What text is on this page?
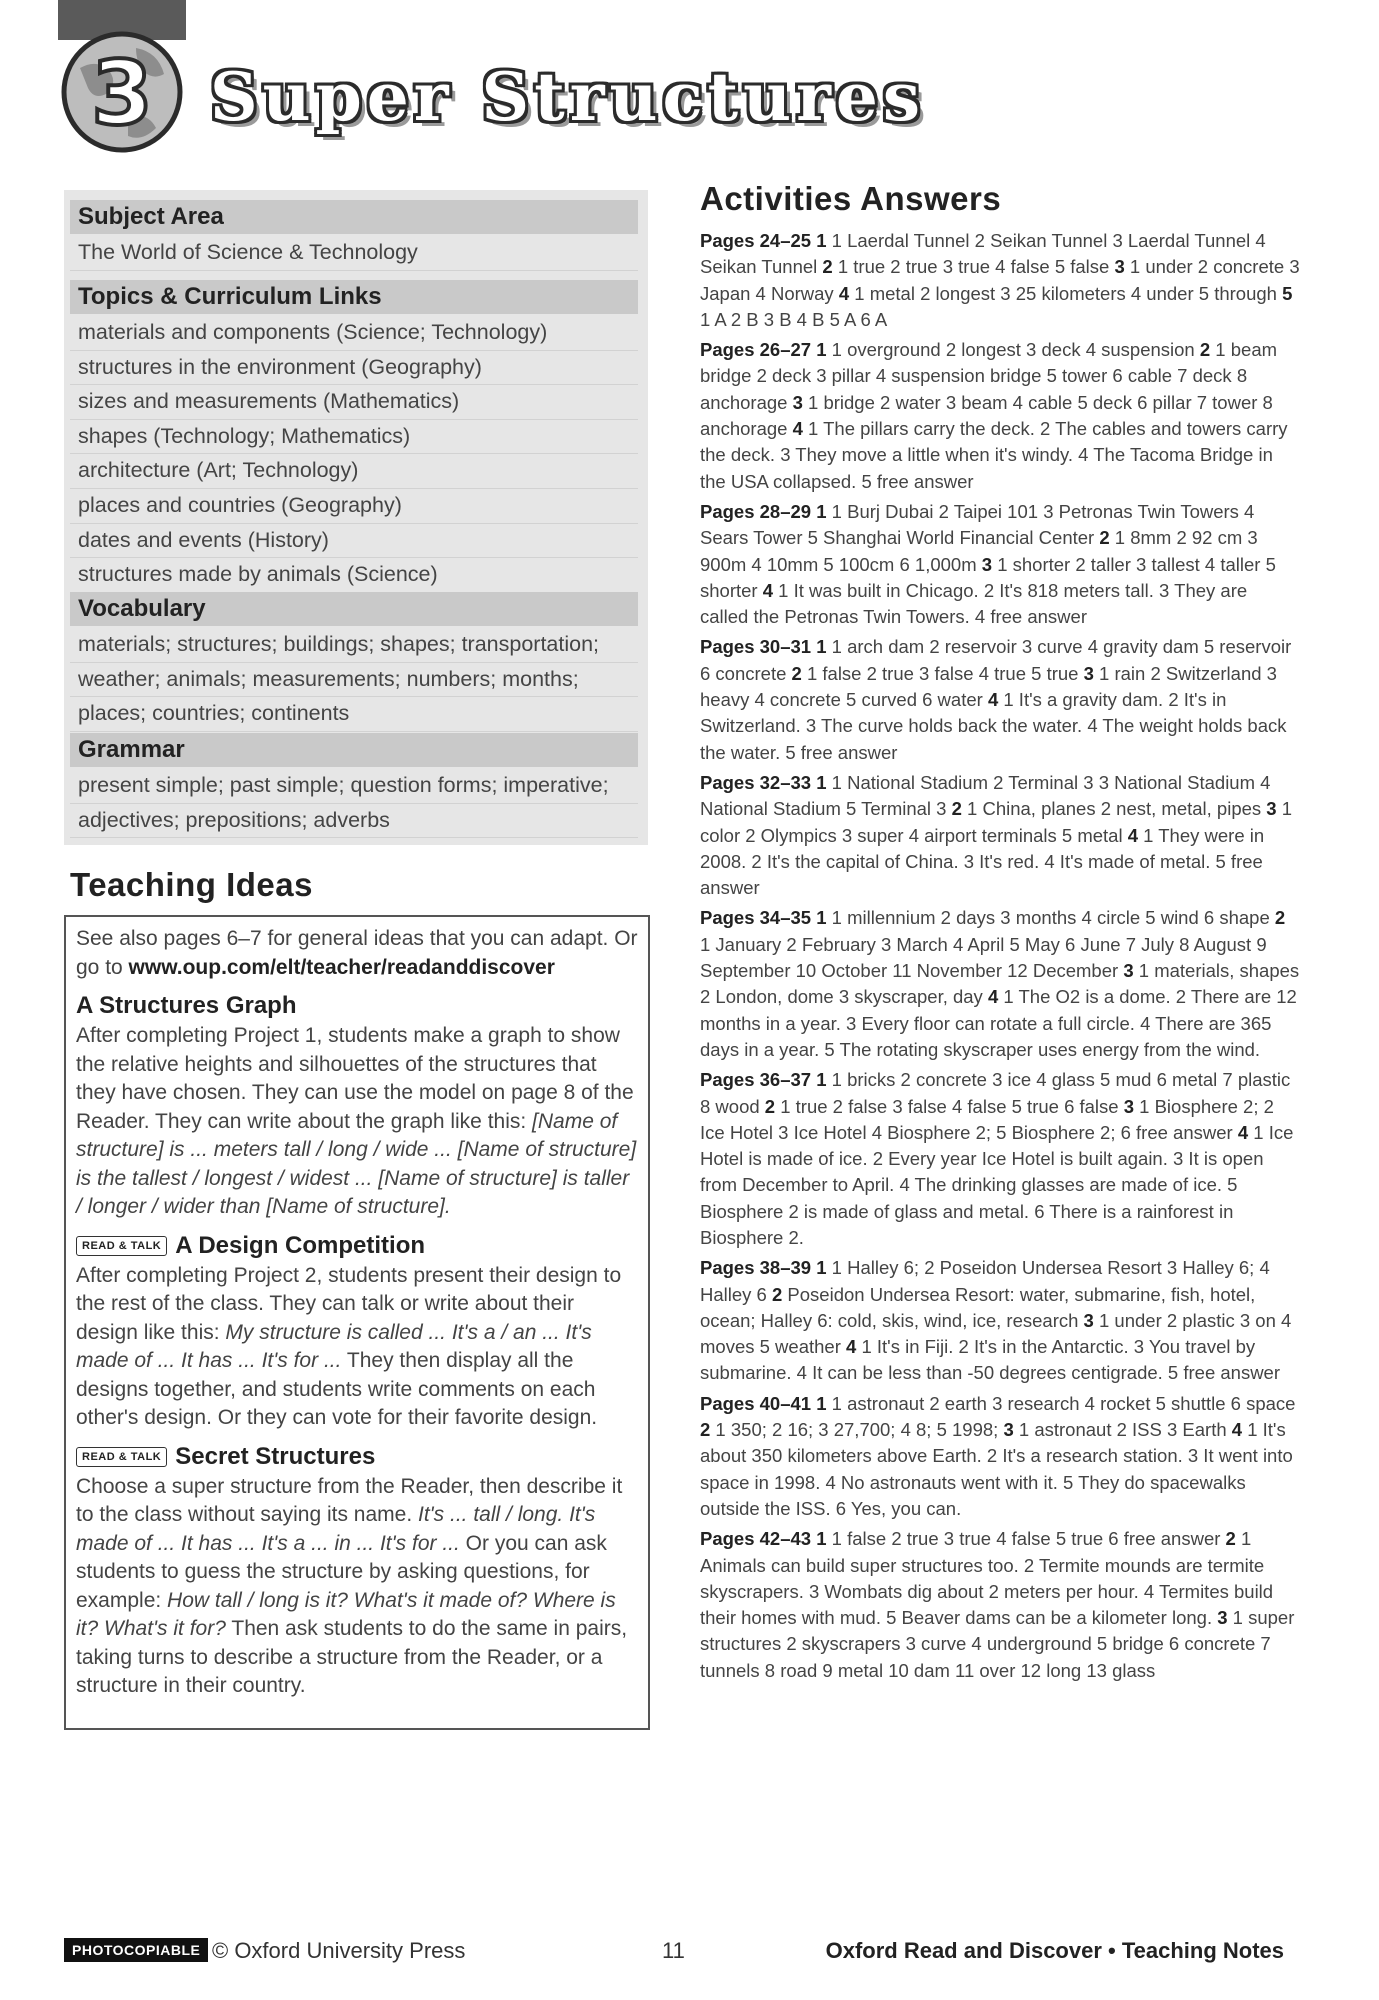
3 Super Structures
Subject Area
The World of Science & Technology
Topics & Curriculum Links
materials and components (Science; Technology)
structures in the environment (Geography)
sizes and measurements (Mathematics)
shapes (Technology; Mathematics)
architecture (Art; Technology)
places and countries (Geography)
dates and events (History)
structures made by animals (Science)
Vocabulary
materials; structures; buildings; shapes; transportation;
weather; animals; measurements; numbers; months;
places; countries; continents
Grammar
present simple; past simple; question forms; imperative;
adjectives; prepositions; adverbs
Teaching Ideas

See also pages 6–7 for general ideas that you can adapt. Or go to www.oup.com/elt/teacher/readanddiscover

A Structures Graph

After completing Project 1, students make a graph to show the relative heights and silhouettes of the structures that they have chosen. They can use the model on page 8 of the Reader. They can write about the graph like this: [Name of structure] is ... meters tall / long / wide ... [Name of structure] is the tallest / longest / widest ... [Name of structure] is taller / longer / wider than [Name of structure].

READ & TALK A Design Competition

After completing Project 2, students present their design to the rest of the class. They can talk or write about their design like this: My structure is called ... It's a / an ... It's made of ... It has ... It's for ... They then display all the designs together, and students write comments on each other's design. Or they can vote for their favorite design.

READ & TALK Secret Structures

Choose a super structure from the Reader, then describe it to the class without saying its name. It's ... tall / long. It's made of ... It has ... It's a ... in ... It's for ... Or you can ask students to guess the structure by asking questions, for example: How tall / long is it? What's it made of? Where is it? What's it for? Then ask students to do the same in pairs, taking turns to describe a structure from the Reader, or a structure in their country.

Activities Answers

Pages 24–25 1 1 Laerdal Tunnel 2 Seikan Tunnel 3 Laerdal Tunnel 4 Seikan Tunnel 2 1 true 2 true 3 true 4 false 5 false 3 1 under 2 concrete 3 Japan 4 Norway 4 1 metal 2 longest 3 25 kilometers 4 under 5 through 5 1 A 2 B 3 B 4 B 5 A 6 A

Pages 26–27 1 1 overground 2 longest 3 deck 4 suspension 2 1 beam bridge 2 deck 3 pillar 4 suspension bridge 5 tower 6 cable 7 deck 8 anchorage 3 1 bridge 2 water 3 beam 4 cable 5 deck 6 pillar 7 tower 8 anchorage 4 1 The pillars carry the deck. 2 The cables and towers carry the deck. 3 They move a little when it's windy. 4 The Tacoma Bridge in the USA collapsed. 5 free answer

Pages 28–29 1 1 Burj Dubai 2 Taipei 101 3 Petronas Twin Towers 4 Sears Tower 5 Shanghai World Financial Center 2 1 8mm 2 92 cm 3 900m 4 10mm 5 100cm 6 1,000m 3 1 shorter 2 taller 3 tallest 4 taller 5 shorter 4 1 It was built in Chicago. 2 It's 818 meters tall. 3 They are called the Petronas Twin Towers. 4 free answer

Pages 30–31 1 1 arch dam 2 reservoir 3 curve 4 gravity dam 5 reservoir 6 concrete 2 1 false 2 true 3 false 4 true 5 true 3 1 rain 2 Switzerland 3 heavy 4 concrete 5 curved 6 water 4 1 It's a gravity dam. 2 It's in Switzerland. 3 The curve holds back the water. 4 The weight holds back the water. 5 free answer

Pages 32–33 1 1 National Stadium 2 Terminal 3 3 National Stadium 4 National Stadium 5 Terminal 3 2 1 China, planes 2 nest, metal, pipes 3 1 color 2 Olympics 3 super 4 airport terminals 5 metal 4 1 They were in 2008. 2 It's the capital of China. 3 It's red. 4 It's made of metal. 5 free answer

Pages 34–35 1 1 millennium 2 days 3 months 4 circle 5 wind 6 shape 2 1 January 2 February 3 March 4 April 5 May 6 June 7 July 8 August 9 September 10 October 11 November 12 December 3 1 materials, shapes 2 London, dome 3 skyscraper, day 4 1 The O2 is a dome. 2 There are 12 months in a year. 3 Every floor can rotate a full circle. 4 There are 365 days in a year. 5 The rotating skyscraper uses energy from the wind.

Pages 36–37 1 1 bricks 2 concrete 3 ice 4 glass 5 mud 6 metal 7 plastic 8 wood 2 1 true 2 false 3 false 4 false 5 true 6 false 3 1 Biosphere 2; 2 Ice Hotel 3 Ice Hotel 4 Biosphere 2; 5 Biosphere 2; 6 free answer 4 1 Ice Hotel is made of ice. 2 Every year Ice Hotel is built again. 3 It is open from December to April. 4 The drinking glasses are made of ice. 5 Biosphere 2 is made of glass and metal. 6 There is a rainforest in Biosphere 2.

Pages 38–39 1 1 Halley 6; 2 Poseidon Undersea Resort 3 Halley 6; 4 Halley 6 2 Poseidon Undersea Resort: water, submarine, fish, hotel, ocean; Halley 6: cold, skis, wind, ice, research 3 1 under 2 plastic 3 on 4 moves 5 weather 4 1 It's in Fiji. 2 It's in the Antarctic. 3 You travel by submarine. 4 It can be less than -50 degrees centigrade. 5 free answer

Pages 40–41 1 1 astronaut 2 earth 3 research 4 rocket 5 shuttle 6 space 2 1 350; 2 16; 3 27,700; 4 8; 5 1998; 3 1 astronaut 2 ISS 3 Earth 4 1 It's about 350 kilometers above Earth. 2 It's a research station. 3 It went into space in 1998. 4 No astronauts went with it. 5 They do spacewalks outside the ISS. 6 Yes, you can.

Pages 42–43 1 1 false 2 true 3 true 4 false 5 true 6 free answer 2 1 Animals can build super structures too. 2 Termite mounds are termite skyscrapers. 3 Wombats dig about 2 meters per hour. 4 Termites build their homes with mud. 5 Beaver dams can be a kilometer long. 3 1 super structures 2 skyscrapers 3 curve 4 underground 5 bridge 6 concrete 7 tunnels 8 road 9 metal 10 dam 11 over 12 long 13 glass

PHOTOCOPIABLE © Oxford University Press	11	Oxford Read and Discover • Teaching Notes
